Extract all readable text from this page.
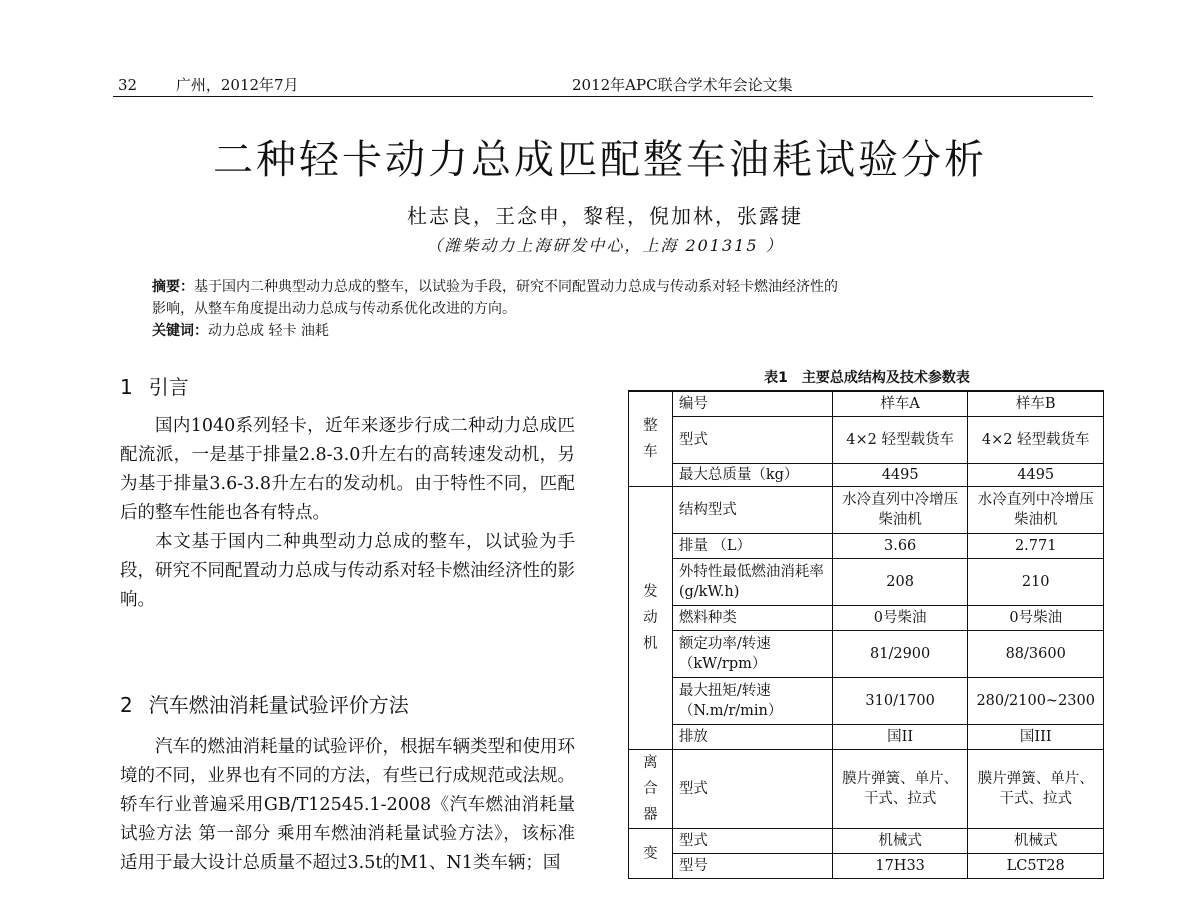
32	广州，2012年7月	2012年APC联合学术年会论文集
二种轻卡动力总成匹配整车油耗试验分析
杜志良，王念申，黎程，倪加林，张露捷
（潍柴动力上海研发中心，上海 201315 ）
摘要：基于国内二种典型动力总成的整车，以试验为手段，研究不同配置动力总成与传动系对轻卡燃油经济性的
影响，从整车角度提出动力总成与传动系优化改进的方向。
关键词：动力总成 轻卡 油耗
1 引言

国内1040系列轻卡，近年来逐步行成二种动力总成匹配流派，一是基于排量2.8-3.0升左右的高转速发动机，另为基于排量3.6-3.8升左右的发动机。由于特性不同，匹配后的整车性能也各有特点。

本文基于国内二种典型动力总成的整车，以试验为手段，研究不同配置动力总成与传动系对轻卡燃油经济性的影响。

2 汽车燃油消耗量试验评价方法

汽车的燃油消耗量的试验评价，根据车辆类型和使用环境的不同，业界也有不同的方法，有些已行成规范或法规。轿车行业普遍采用GB/T12545.1-2008《汽车燃油消耗量试验方法 第一部分 乘用车燃油消耗量试验方法》，该标准适用于最大设计总质量不超过3.5t的M1、N1类车辆；国

表1　主要总成结构及技术参数表
整
车	编号	样车A	样车B
	型式	4×2 轻型载货车	4×2 轻型载货车
	最大总质量（kg）	4495	4495

发
动
机	结构型式	水冷直列中冷增压柴油机	水冷直列中冷增压柴油机
	排量 （L）	3.66	2.771
	外特性最低燃油消耗率(g/kW.h)	208	210
	燃料种类	0号柴油	0号柴油
	额定功率/转速（kW/rpm）	81/2900	88/3600
	最大扭矩/转速（N.m/r/min）	310/1700	280/2100~2300
	排放	国II	国III

离
合
器	型式	膜片弹簧、单片、干式、拉式	膜片弹簧、单片、干式、拉式

变	型式	机械式	机械式
	型号	17H33	LC5T28
